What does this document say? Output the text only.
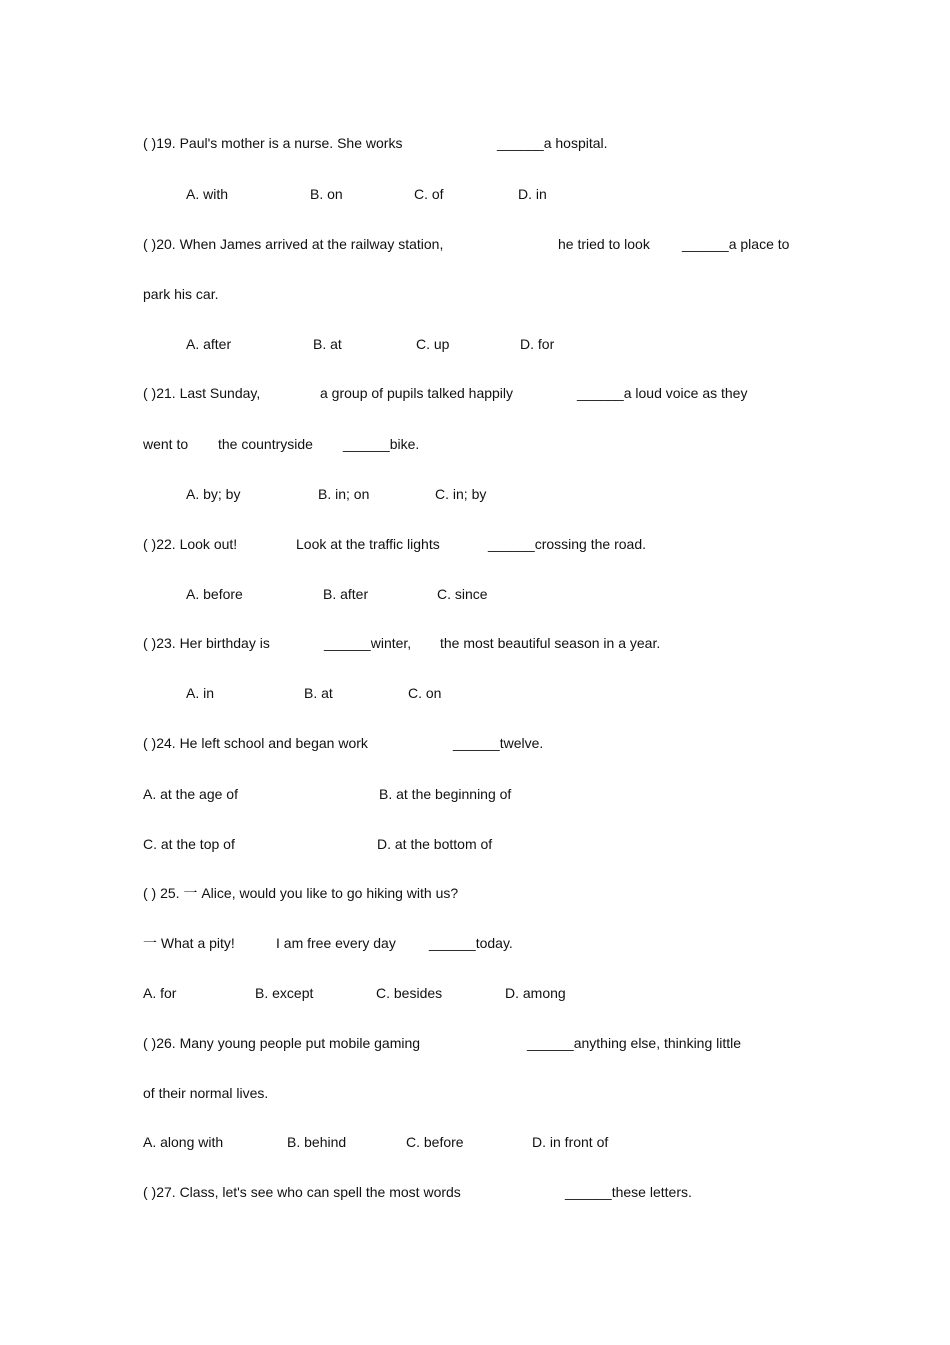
( )19. Paul's mother is a nurse. She works	______a hospital.
A. with	B. on	C. of	D. in
( )20. When James arrived at the railway station,	he tried to look ______a place to
park his car.
A. after	B. at	C. up	D. for
( )21. Last Sunday,	a group of pupils talked happily	______a loud voice as they
went to the countryside ______bike.
A. by; by	B. in; on	C. in; by
( )22. Look out!	Look at the traffic lights	______crossing the road.
A. before	B. after	C. since
( )23. Her birthday is	______winter, the most beautiful season in a year.
A. in	B. at	C. on
( )24. He left school and began work	______twelve.
A. at the age of	B. at the beginning of
C. at the top of	D. at the bottom of
( ) 25. 一 Alice, would you like to go hiking with us?
一 What a pity!	I am free every day ______today.
A. for	B. except	C. besides	D. among
( )26. Many young people put mobile gaming	______anything else, thinking little
of their normal lives.
A. along with	B. behind	C. before	D. in front of
( )27. Class, let's see who can spell the most words	______these letters.
